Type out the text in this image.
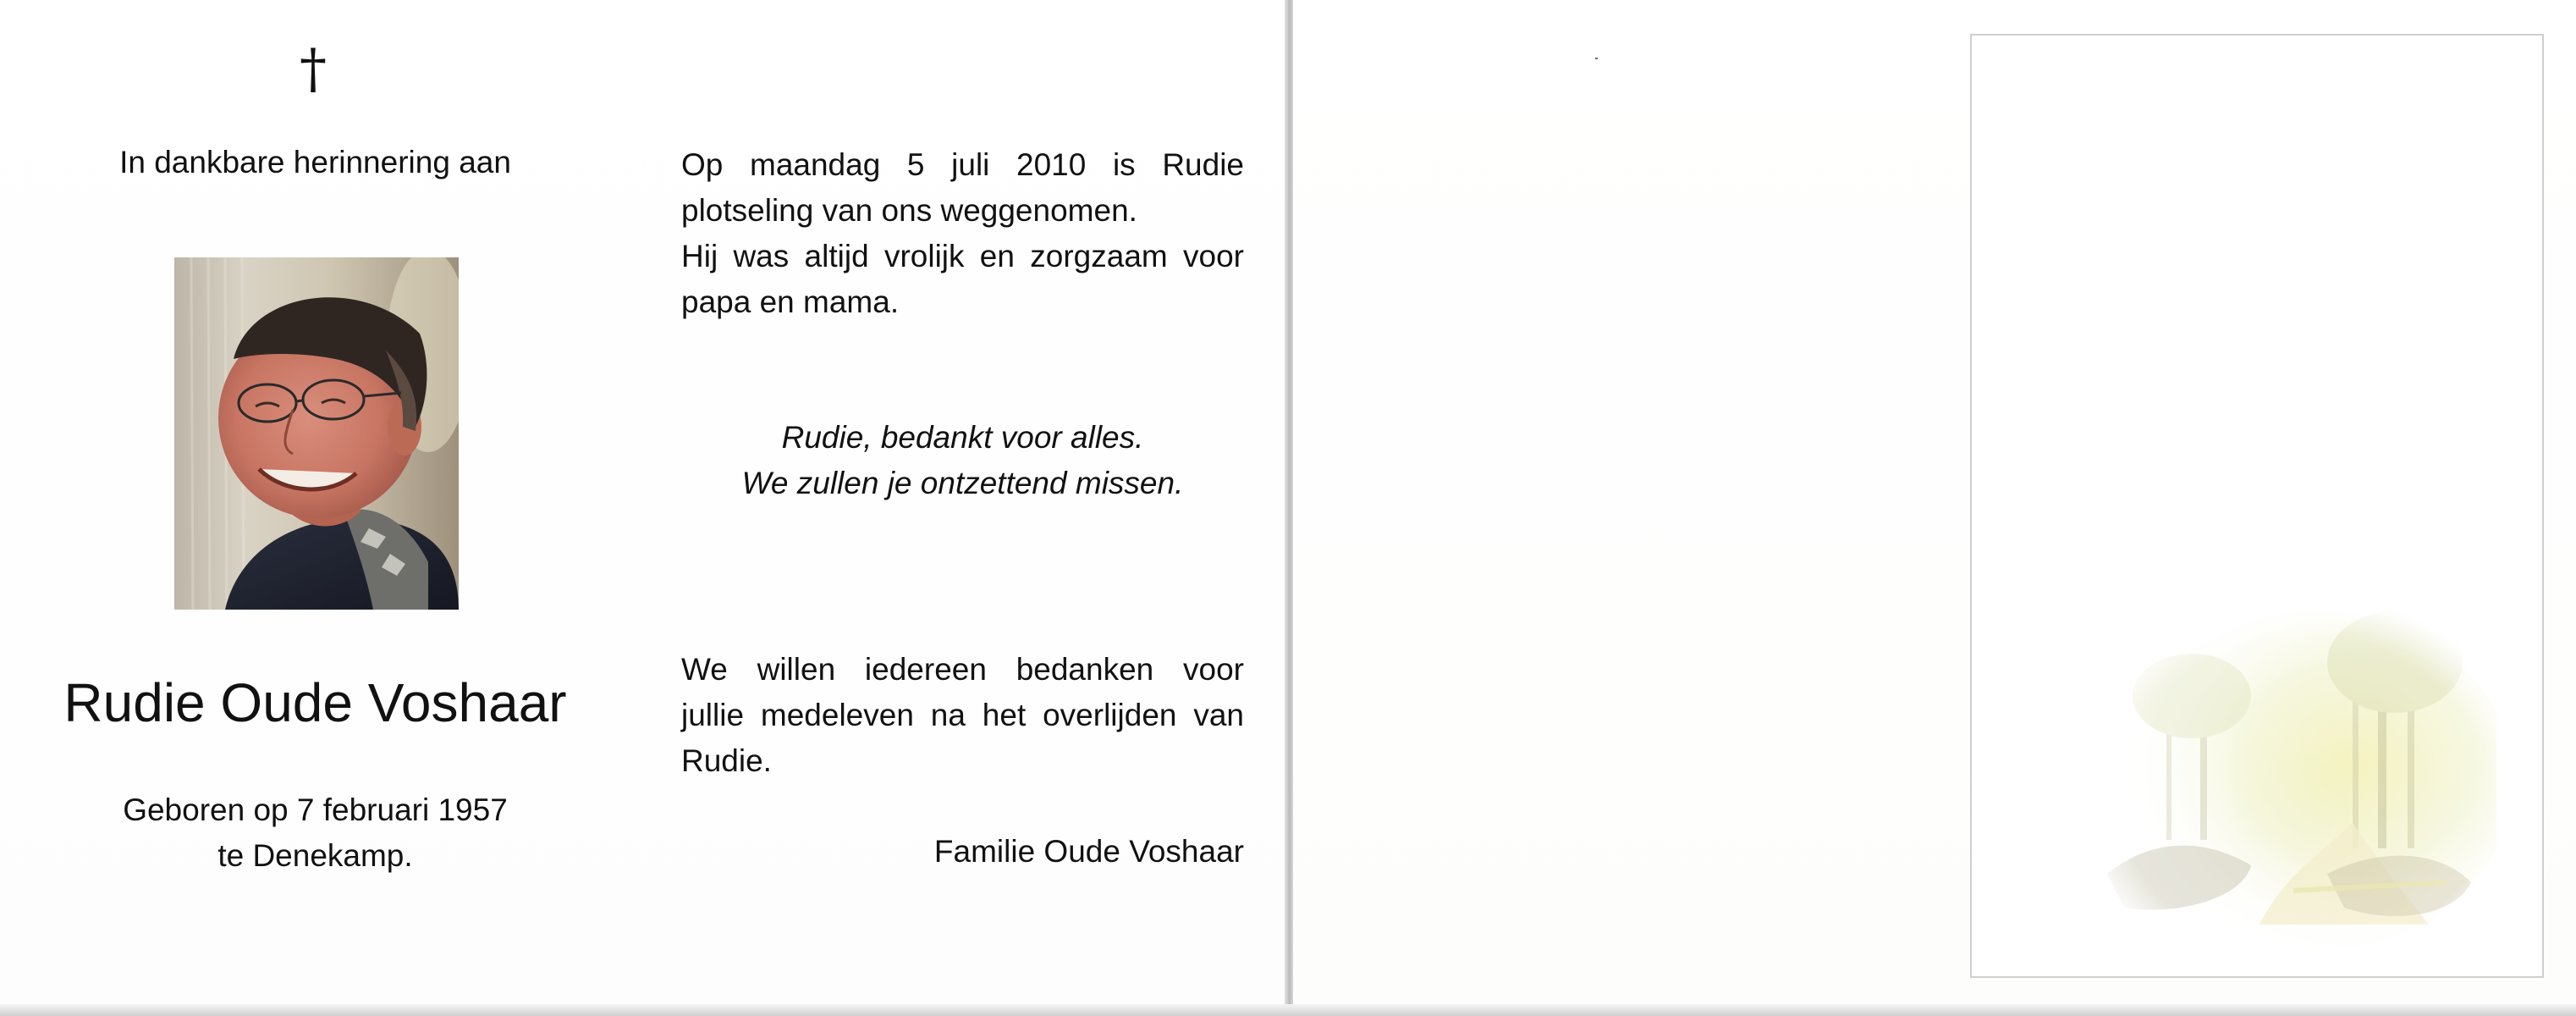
†
In dankbare herinnering aan
Rudie Oude Voshaar
Geboren op 7 februari 1957
te Denekamp.
Op maandag 5 juli 2010 is Rudie
plotseling van ons weggenomen.
Hij was altijd vrolijk en zorgzaam voor
papa en mama.
Rudie, bedankt voor alles.
We zullen je ontzettend missen.
We willen iedereen bedanken voor
jullie medeleven na het overlijden van
Rudie.
Familie Oude Voshaar
